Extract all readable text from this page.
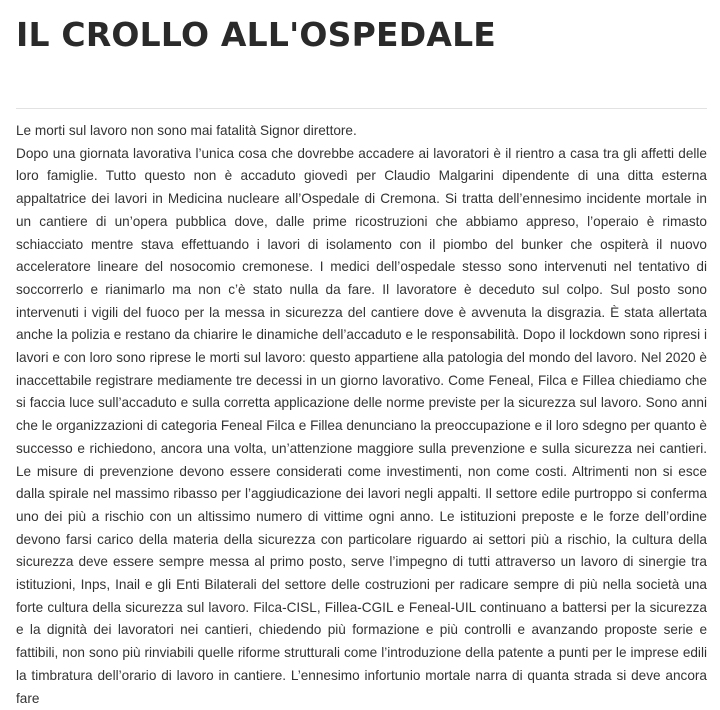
IL CROLLO ALL'OSPEDALE

Le morti sul lavoro non sono mai fatalità Signor direttore.

Dopo una giornata lavorativa l’unica cosa che dovrebbe accadere ai lavoratori è il rientro a casa tra gli affetti delle loro famiglie. Tutto questo non è accaduto giovedì per Claudio Malgarini dipendente di una ditta esterna appaltatrice dei lavori in Medicina nucleare all’Ospedale di Cremona. Si tratta dell’ennesimo incidente mortale in un cantiere di un’opera pubblica dove, dalle prime ricostruzioni che abbiamo appreso, l’operaio è rimasto schiacciato mentre stava effettuando i lavori di isolamento con il piombo del bunker che ospiterà il nuovo acceleratore lineare del nosocomio cremonese. I medici dell’ospedale stesso sono intervenuti nel tentativo di soccorrerlo e rianimarlo ma non c’è stato nulla da fare. Il lavoratore è deceduto sul colpo. Sul posto sono intervenuti i vigili del fuoco per la messa in sicurezza del cantiere dove è avvenuta la disgrazia. È stata allertata anche la polizia e restano da chiarire le dinamiche dell’accaduto e le responsabilità. Dopo il lockdown sono ripresi i lavori e con loro sono riprese le morti sul lavoro: questo appartiene alla patologia del mondo del lavoro. Nel 2020 è inaccettabile registrare mediamente tre decessi in un giorno lavorativo. Come Feneal, Filca e Fillea chiediamo che si faccia luce sull’accaduto e sulla corretta applicazione delle norme previste per la sicurezza sul lavoro. Sono anni che le organizzazioni di categoria Feneal Filca e Fillea denunciano la preoccupazione e il loro sdegno per quanto è successo e richiedono, ancora una volta, un’attenzione maggiore sulla prevenzione e sulla sicurezza nei cantieri. Le misure di prevenzione devono essere considerati come investimenti, non come costi. Altrimenti non si esce dalla spirale nel massimo ribasso per l’aggiudicazione dei lavori negli appalti. Il settore edile purtroppo si conferma uno dei più a rischio con un altissimo numero di vittime ogni anno. Le istituzioni preposte e le forze dell’ordine devono farsi carico della materia della sicurezza con particolare riguardo ai settori più a rischio, la cultura della sicurezza deve essere sempre messa al primo posto, serve l’impegno di tutti attraverso un lavoro di sinergie tra istituzioni, Inps, Inail e gli Enti Bilaterali del settore delle costruzioni per radicare sempre di più nella società una forte cultura della sicurezza sul lavoro. Filca-CISL, Fillea-CGIL e Feneal-UIL continuano a battersi per la sicurezza e la dignità dei lavoratori nei cantieri, chiedendo più formazione e più controlli e avanzando proposte serie e fattibili, non sono più rinviabili quelle riforme strutturali come l’introduzione della patente a punti per le imprese edili la timbratura dell’orario di lavoro in cantiere. L’ennesimo infortunio mortale narra di quanta strada si deve ancora fare
